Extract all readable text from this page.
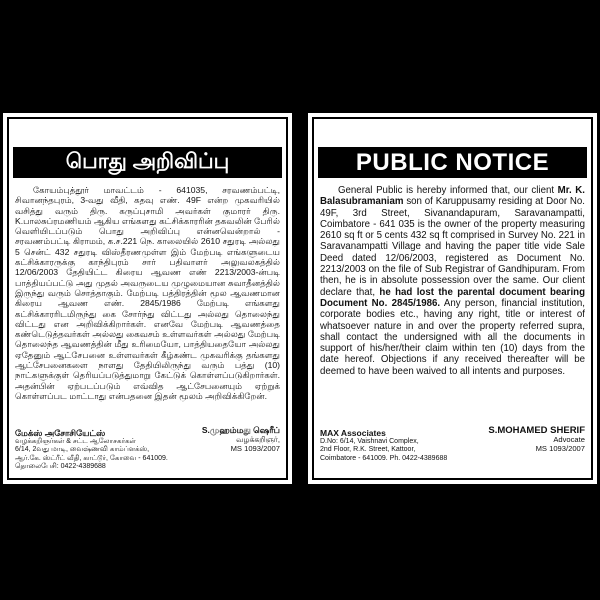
பொது அறிவிப்பு

கோயம்புத்தூர் மாவட்டம் - 641035, சரவணம்பட்டி, சிவானந்தபுரம், 3-வது வீதி, கதவு எண். 49F என்ற முகவரியில் வசித்து வரும் திரு. கருப்புசாமி அவர்கள் குமாரர் திரு. K.பாலசுப்ரமணியம் ஆகிய எங்களது கட்சிக்காரரின் தகவலின் பேரில் வெளியிடப்படும் பொது அறிவிப்பு என்னவென்றால் - சரவணம்பட்டி கிராமம், க.ச.221 நெ. காலையில் 2610 சதுரடி அல்லது 5 சென்ட் 432 சதுரடி விஸ்தீரணமுள்ள இம் மேற்படி எங்களுடைய கட்சிக்காரருக்கு காந்திபுரம் சார் பதிவாளர் அலுவலகத்தில் 12/06/2003 தேதியிட்ட கிரைய ஆவண எண் 2213/2003-ன்படி பாத்தியப்பட்டு அது முதல் அவருடைய முழுமையான சுவாதீனத்தில் இருந்து வரும் சொத்தாகும். மேற்படி பத்திரத்தின் மூல ஆவணமான கிரைய ஆவண எண். 2845/1986 மேற்படி எங்களது கட்சிக்காரரிடமிருந்து கை சோர்ந்து விட்டது அல்லது தொலைந்து விட்டது என அறிவிக்கிறார்கள். எனவே மேற்படி ஆவணத்தை கண்டெடுத்தவர்கள் அல்லது கைவசம் உள்ளவர்கள் அல்லது மேற்படி தொலைந்த ஆவணத்தின் மீது உரிமையோ, பாத்தியதையோ அல்லது ஏதேனும் ஆட்சேபனை உள்ளவர்கள் கீழ்கண்ட முகவரிக்கு தங்களது ஆட்சேபனைகளை நாளது தேதியிலிருந்து வரும் பத்து (10) நாட்களுக்குள் தெரியப்படுத்துமாறு கேட்டுக் கொள்ளப்படுகிறார்கள். அதன்பின் ஏற்படப்படும் எவ்வித ஆட்சேபனையும் ஏற்றுக் கொள்ளப்பட மாட்டாது என்பதனை இதன் மூலம் அறிவிக்கிறேன்.

மேக்ஸ் அசோசியேட்ஸ்
வழக்கறிஞர்கள் & சட்ட ஆலோசகர்கள்
6/14, 2வது மாடி, வைஷ்ணவி காம்ப்ளக்ஸ்,
ஆர்.கே. ஸ்ட்ரீட் வீதி, காட்டூர், கோவை - 641009.
தொலைபேசி: 0422-4389688
S.முஹம்மது ஷெரீப்
வழக்கறிஞர்,
MS 1093/2007
PUBLIC NOTICE

General Public is hereby informed that, our client Mr. K. Balasubramaniam son of Karuppusamy residing at Door No. 49F, 3rd Street, Sivanandapuram, Saravanampatti, Coimbatore - 641 035 is the owner of the property measuring 2610 sq ft or 5 cents 432 sq ft comprised in Survey No. 221 in Saravanampatti Village and having the paper title vide Sale Deed dated 12/06/2003, registered as Document No. 2213/2003 on the file of Sub Registrar of Gandhipuram. From then, he is in absolute possession over the same. Our client declare that, he had lost the parental document bearing Document No. 2845/1986. Any person, financial institution, corporate bodies etc., having any right, title or interest of whatsoever nature in and over the property referred supra, shall contact the undersigned with all the documents in support of his/her/their claim within ten (10) days from the date hereof. Objections if any received thereafter will be deemed to have been waived to all intents and purposes.

MAX Associates
D.No: 6/14, Vaishnavi Complex,
2nd Floor, R.K. Street, Kattoor,
Coimbatore - 641009. Ph. 0422-4389688
S.MOHAMED SHERIF
Advocate
MS 1093/2007
